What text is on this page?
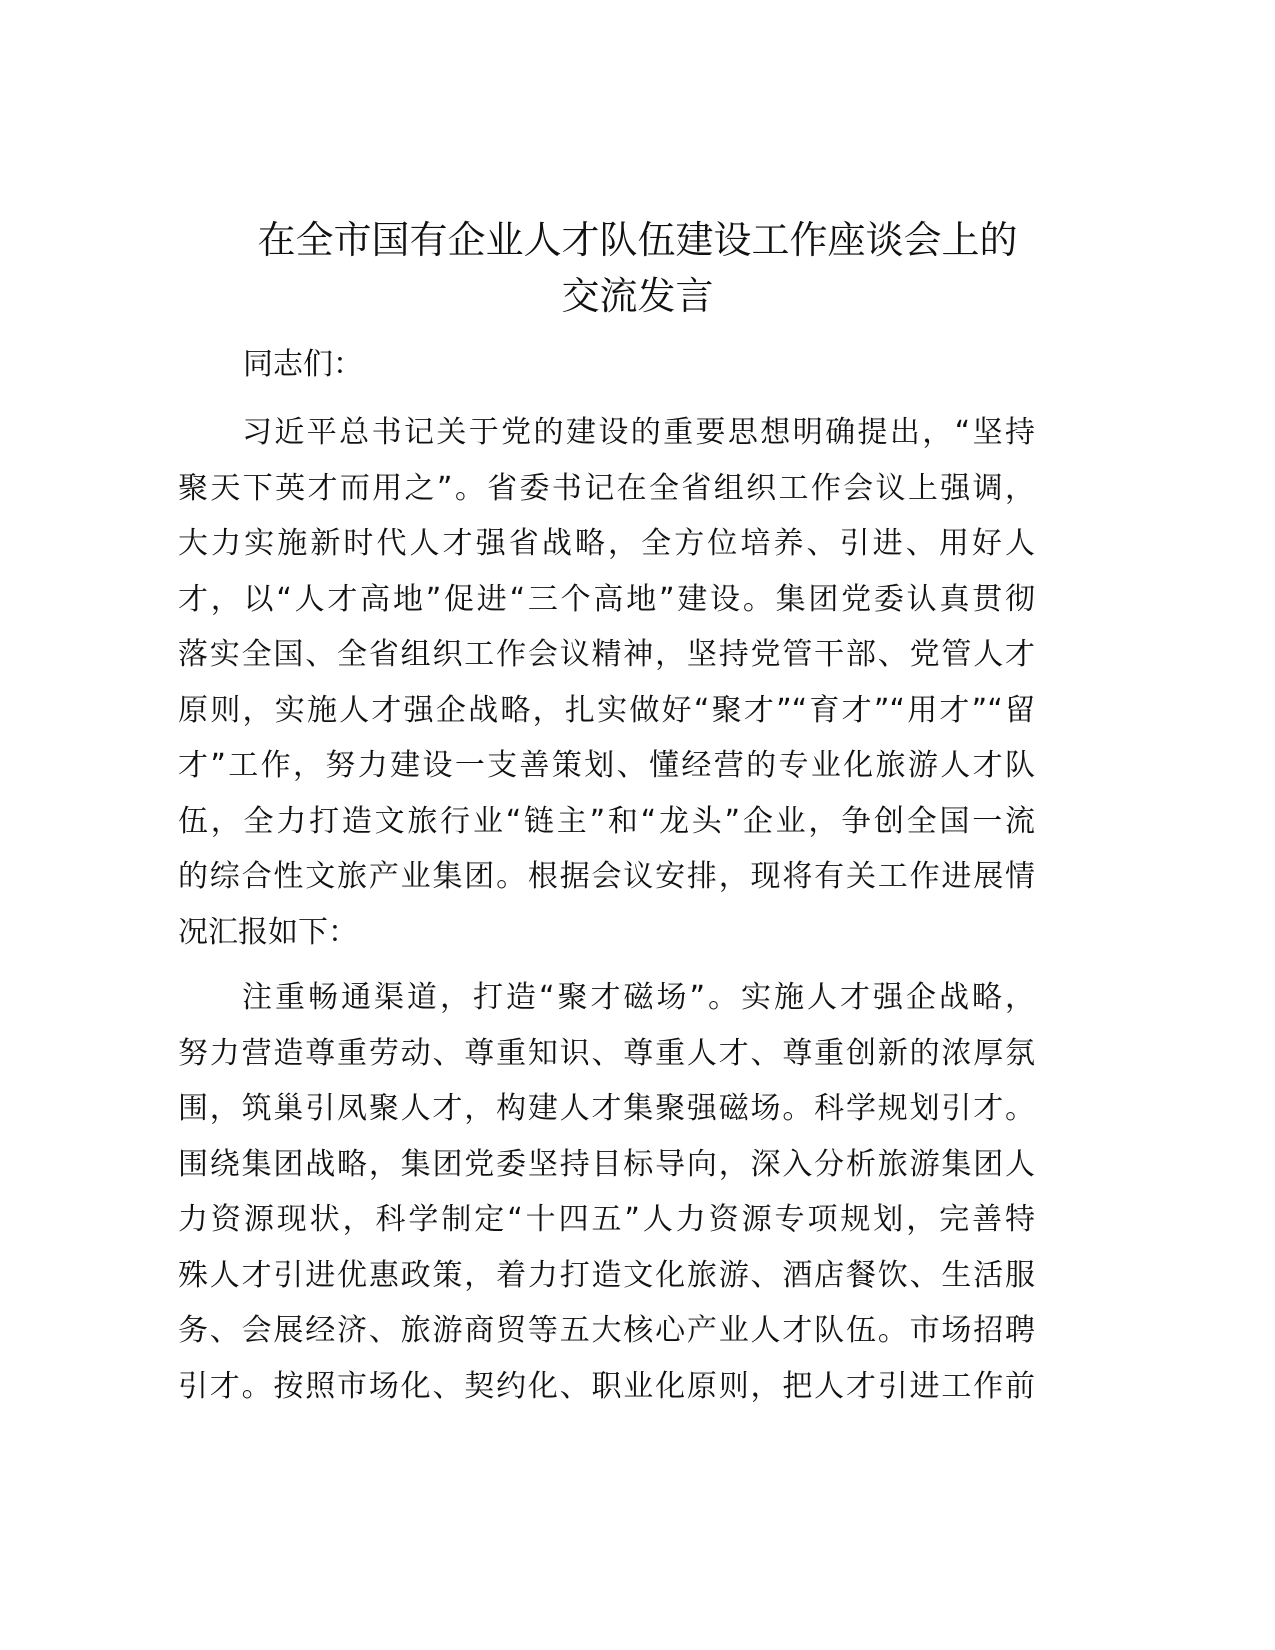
在全市国有企业人才队伍建设工作座谈会上的
交流发言
同志们：
习近平总书记关于党的建设的重要思想明确提出，“坚持
聚天下英才而用之”。省委书记在全省组织工作会议上强调，
大力实施新时代人才强省战略，全方位培养、引进、用好人
才，以“人才高地”促进“三个高地”建设。集团党委认真贯彻
落实全国、全省组织工作会议精神，坚持党管干部、党管人才
原则，实施人才强企战略，扎实做好“聚才”“育才”“用才”“留
才”工作，努力建设一支善策划、懂经营的专业化旅游人才队
伍，全力打造文旅行业“链主”和“龙头”企业，争创全国一流
的综合性文旅产业集团。根据会议安排，现将有关工作进展情
况汇报如下：
注重畅通渠道，打造“聚才磁场”。实施人才强企战略，
努力营造尊重劳动、尊重知识、尊重人才、尊重创新的浓厚氛
围，筑巢引凤聚人才，构建人才集聚强磁场。科学规划引才。
围绕集团战略，集团党委坚持目标导向，深入分析旅游集团人
力资源现状，科学制定“十四五”人力资源专项规划，完善特
殊人才引进优惠政策，着力打造文化旅游、酒店餐饮、生活服
务、会展经济、旅游商贸等五大核心产业人才队伍。市场招聘
引才。按照市场化、契约化、职业化原则，把人才引进工作前
